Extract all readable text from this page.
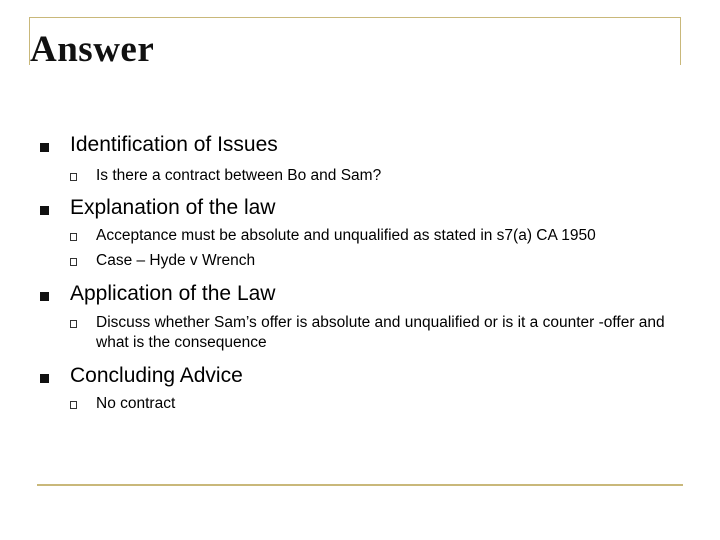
Answer
Identification of Issues
Is there a contract between Bo and Sam?
Explanation of the law
Acceptance must be absolute and unqualified as stated in s7(a) CA 1950
Case – Hyde v Wrench
Application of the Law
Discuss whether Sam’s offer is absolute and unqualified or is it a counter -offer and what is the consequence
Concluding Advice
No contract
